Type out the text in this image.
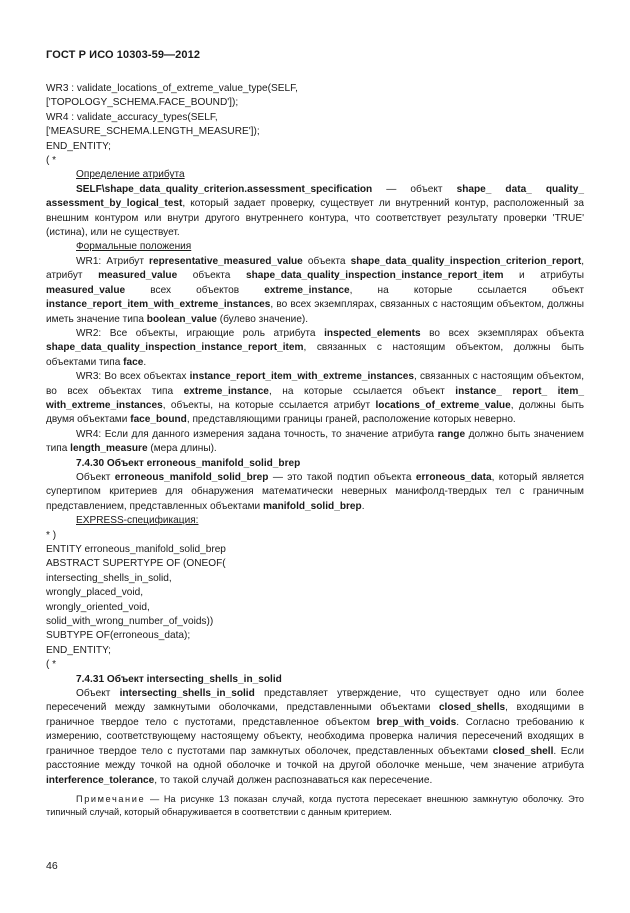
ГОСТ Р ИСО 10303-59—2012
WR3 : validate_locations_of_extreme_value_type(SELF,
['TOPOLOGY_SCHEMA.FACE_BOUND']);
WR4 : validate_accuracy_types(SELF,
['MEASURE_SCHEMA.LENGTH_MEASURE']);
END_ENTITY;
( *
Определение атрибута

SELF\shape_data_quality_criterion.assessment_specification — объект shape_ data_ quality_ assessment_by_logical_test, который задает проверку, существует ли внутренний контур, расположенный за внешним контуром или внутри другого внутреннего контура, что соответствует результату проверки 'TRUE' (истина), или не существует.

Формальные положения

WR1: Атрибут representative_measured_value объекта shape_data_quality_inspection_criterion_report, атрибут measured_value объекта shape_data_quality_inspection_instance_report_item и атрибуты measured_value всех объектов extreme_instance, на которые ссылается объект instance_report_item_with_extreme_instances, во всех экземплярах, связанных с настоящим объектом, должны иметь значение типа boolean_value (булево значение).

WR2: Все объекты, играющие роль атрибута inspected_elements во всех экземплярах объекта shape_data_quality_inspection_instance_report_item, связанных с настоящим объектом, должны быть объектами типа face.

WR3: Во всех объектах instance_report_item_with_extreme_instances, связанных с настоящим объектом, во всех объектах типа extreme_instance, на которые ссылается объект instance_ report_ item_ with_extreme_instances, объекты, на которые ссылается атрибут locations_of_extreme_value, должны быть двумя объектами face_bound, представляющими границы граней, расположение которых неверно.

WR4: Если для данного измерения задана точность, то значение атрибута range должно быть значением типа length_measure (мера длины).

7.4.30 Объект erroneous_manifold_solid_brep

Объект erroneous_manifold_solid_brep — это такой подтип объекта erroneous_data, который является супертипом критериев для обнаружения математически неверных манифолд-твердых тел с граничным представлением, представленных объектами manifold_solid_brep.

EXPRESS-спецификация:
* )
ENTITY erroneous_manifold_solid_brep
ABSTRACT SUPERTYPE OF (ONEOF(
intersecting_shells_in_solid,
wrongly_placed_void,
wrongly_oriented_void,
solid_with_wrong_number_of_voids))
SUBTYPE OF(erroneous_data);
END_ENTITY;
( *
7.4.31 Объект intersecting_shells_in_solid

Объект intersecting_shells_in_solid представляет утверждение, что существует одно или более пересечений между замкнутыми оболочками, представленными объектами closed_shells, входящими в граничное твердое тело с пустотами, представленное объектом brep_with_voids. Согласно требованию к измерению, соответствующему настоящему объекту, необходима проверка наличия пересечений входящих в граничное твердое тело с пустотами пар замкнутых оболочек, представленных объектами closed_shell. Если расстояние между точкой на одной оболочке и точкой на другой оболочке меньше, чем значение атрибута interference_tolerance, то такой случай должен распознаваться как пересечение.

Примечание — На рисунке 13 показан случай, когда пустота пересекает внешнюю замкнутую оболочку. Это типичный случай, который обнаруживается в соответствии с данным критерием.

46
